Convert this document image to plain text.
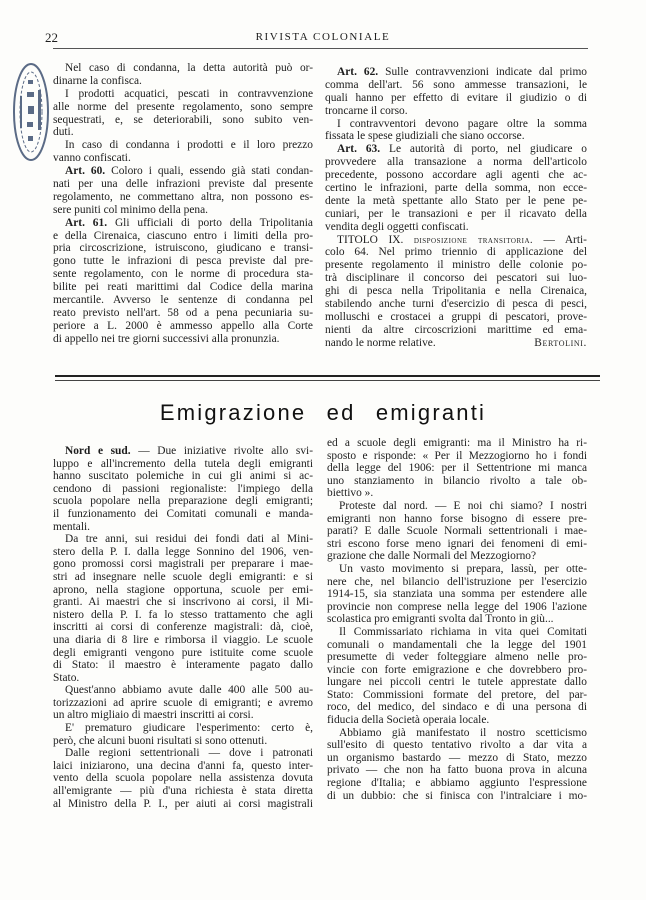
22	RIVISTA COLONIALE
Nel caso di condanna, la detta autorità può or-
dinarne la confisca.
I prodotti acquatici, pescati in contravvenzione
alle norme del presente regolamento, sono sempre
sequestrati, e, se deteriorabili, sono subito ven-
duti.
In caso di condanna i prodotti e il loro prezzo
vanno confiscati.
Art. 60. Coloro i quali, essendo già stati condan-
nati per una delle infrazioni previste dal presente
regolamento, ne commettano altra, non possono es-
sere puniti col minimo della pena.
Art. 61. Gli ufficiali di porto della Tripolitania
e della Cirenaica, ciascuno entro i limiti della pro-
pria circoscrizione, istruiscono, giudicano e transi-
gono tutte le infrazioni di pesca previste dal pre-
sente regolamento, con le norme di procedura sta-
bilite pei reati marittimi dal Codice della marina
mercantile. Avverso le sentenze di condanna pel
reato previsto nell'art. 58 od a pena pecuniaria su-
periore a L. 2000 è ammesso appello alla Corte
di appello nei tre giorni successivi alla pronunzia.
Art. 62. Sulle contravvenzioni indicate dal primo
comma dell'art. 56 sono ammesse transazioni, le
quali hanno per effetto di evitare il giudizio o di
troncarne il corso.
I contravventori devono pagare oltre la somma
fissata le spese giudiziali che siano occorse.
Art. 63. Le autorità di porto, nel giudicare o
provvedere alla transazione a norma dell'articolo
precedente, possono accordare agli agenti che ac-
certino le infrazioni, parte della somma, non ecce-
dente la metà spettante allo Stato per le pene pe-
cuniari, per le transazioni e per il ricavato della
vendita degli oggetti confiscati.
TITOLO IX. disposizione transitoria. — Arti-
colo 64. Nel primo triennio di applicazione del
presente regolamento il ministro delle colonie po-
trà disciplinare il concorso dei pescatori sui luo-
ghi di pesca nella Tripolitania e nella Cirenaica,
stabilendo anche turni d'esercizio di pesca di pesci,
molluschi e crostacei a gruppi di pescatori, prove-
nienti da altre circoscrizioni marittime ed ema-
nando le norme relative.	Bertolini.
Emigrazione ed emigranti
Nord e sud. — Due iniziative rivolte allo svi-
luppo e all'incremento della tutela degli emigranti
hanno suscitato polemiche in cui gli animi si ac-
cendono di passioni regionaliste: l'impiego della
scuola popolare nella preparazione degli emigranti;
il funzionamento dei Comitati comunali e manda-
mentali.
Da tre anni, sui residui dei fondi dati al Mini-
stero della P. I. dalla legge Sonnino del 1906, ven-
gono promossi corsi magistrali per preparare i mae-
stri ad insegnare nelle scuole degli emigranti: e si
aprono, nella stagione opportuna, scuole per emi-
granti. Ai maestri che si inscrivono ai corsi, il Mi-
nistero della P. I. fa lo stesso trattamento che agli
inscritti ai corsi di conferenze magistrali: dà, cioè,
una diaria di 8 lire e rimborsa il viaggio. Le scuole
degli emigranti vengono pure istituite come scuole
di Stato: il maestro è interamente pagato dallo
Stato.
Quest'anno abbiamo avute dalle 400 alle 500 au-
torizzazioni ad aprire scuole di emigranti; e avremo
un altro migliaio di maestri inscritti ai corsi.
E' prematuro giudicare l'esperimento: certo è,
però, che alcuni buoni risultati si sono ottenuti.
Dalle regioni settentrionali — dove i patronati
laici iniziarono, una decina d'anni fa, questo inter-
vento della scuola popolare nella assistenza dovuta
all'emigrante — più d'una richiesta è stata diretta
al Ministro della P. I., per aiuti ai corsi magistrali
ed a scuole degli emigranti: ma il Ministro ha ri-
sposto e risponde: « Per il Mezzogiorno ho i fondi
della legge del 1906: per il Settentrione mi manca
uno stanziamento in bilancio rivolto a tale ob-
biettivo ».
Proteste dal nord. — E noi chi siamo? I nostri
emigranti non hanno forse bisogno di essere pre-
parati? E dalle Scuole Normali settentrionali i mae-
stri escono forse meno ignari dei fenomeni di emi-
grazione che dalle Normali del Mezzogiorno?
Un vasto movimento si prepara, lassù, per otte-
nere che, nel bilancio dell'istruzione per l'esercizio
1914-15, sia stanziata una somma per estendere alle
provincie non comprese nella legge del 1906 l'azione
scolastica pro emigranti svolta dal Tronto in giù...
Il Commissariato richiama in vita quei Comitati
comunali o mandamentali che la legge del 1901
presumette di veder folteggiare almeno nelle pro-
vincie con forte emigrazione e che dovrebbero pro-
lungare nei piccoli centri le tutele apprestate dallo
Stato: Commissioni formate del pretore, del par-
roco, del medico, del sindaco e di una persona di
fiducia della Società operaia locale.
Abbiamo già manifestato il nostro scetticismo
sull'esito di questo tentativo rivolto a dar vita a
un organismo bastardo — mezzo di Stato, mezzo
privato — che non ha fatto buona prova in alcuna
regione d'Italia; e abbiamo aggiunto l'espressione
di un dubbio: che si finisca con l'intralciare i mo-
